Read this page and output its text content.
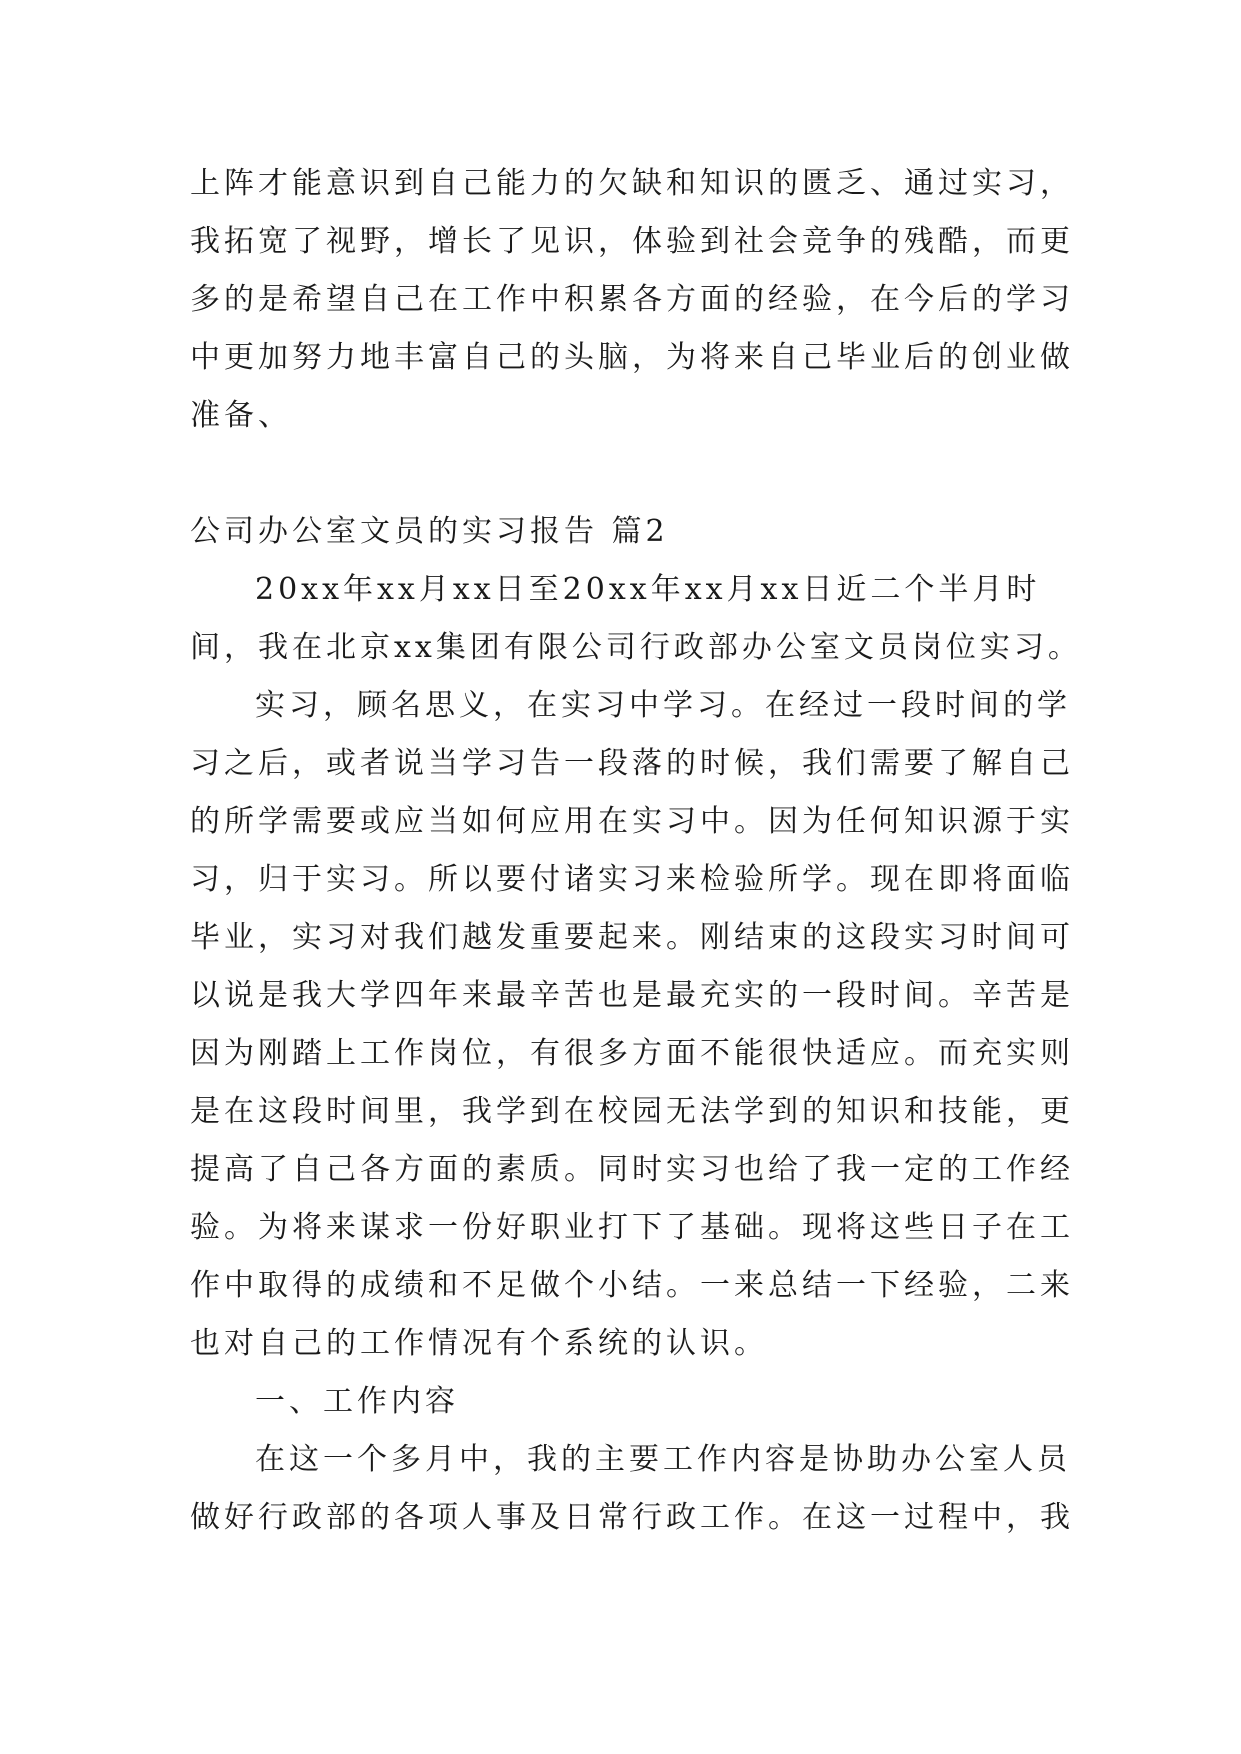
上阵才能意识到自己能力的欠缺和知识的匮乏、通过实习，
我拓宽了视野，增长了见识，体验到社会竞争的残酷，而更
多的是希望自己在工作中积累各方面的经验，在今后的学习
中更加努力地丰富自己的头脑，为将来自己毕业后的创业做
准备、
公司办公室文员的实习报告 篇2
20xx年xx月xx日至20xx年xx月xx日近二个半月时
间，我在北京xx集团有限公司行政部办公室文员岗位实习。
实习，顾名思义，在实习中学习。在经过一段时间的学
习之后，或者说当学习告一段落的时候，我们需要了解自己
的所学需要或应当如何应用在实习中。因为任何知识源于实
习，归于实习。所以要付诸实习来检验所学。现在即将面临
毕业，实习对我们越发重要起来。刚结束的这段实习时间可
以说是我大学四年来最辛苦也是最充实的一段时间。辛苦是
因为刚踏上工作岗位，有很多方面不能很快适应。而充实则
是在这段时间里，我学到在校园无法学到的知识和技能，更
提高了自己各方面的素质。同时实习也给了我一定的工作经
验。为将来谋求一份好职业打下了基础。现将这些日子在工
作中取得的成绩和不足做个小结。一来总结一下经验，二来
也对自己的工作情况有个系统的认识。
一、工作内容
在这一个多月中，我的主要工作内容是协助办公室人员
做好行政部的各项人事及日常行政工作。在这一过程中，我
